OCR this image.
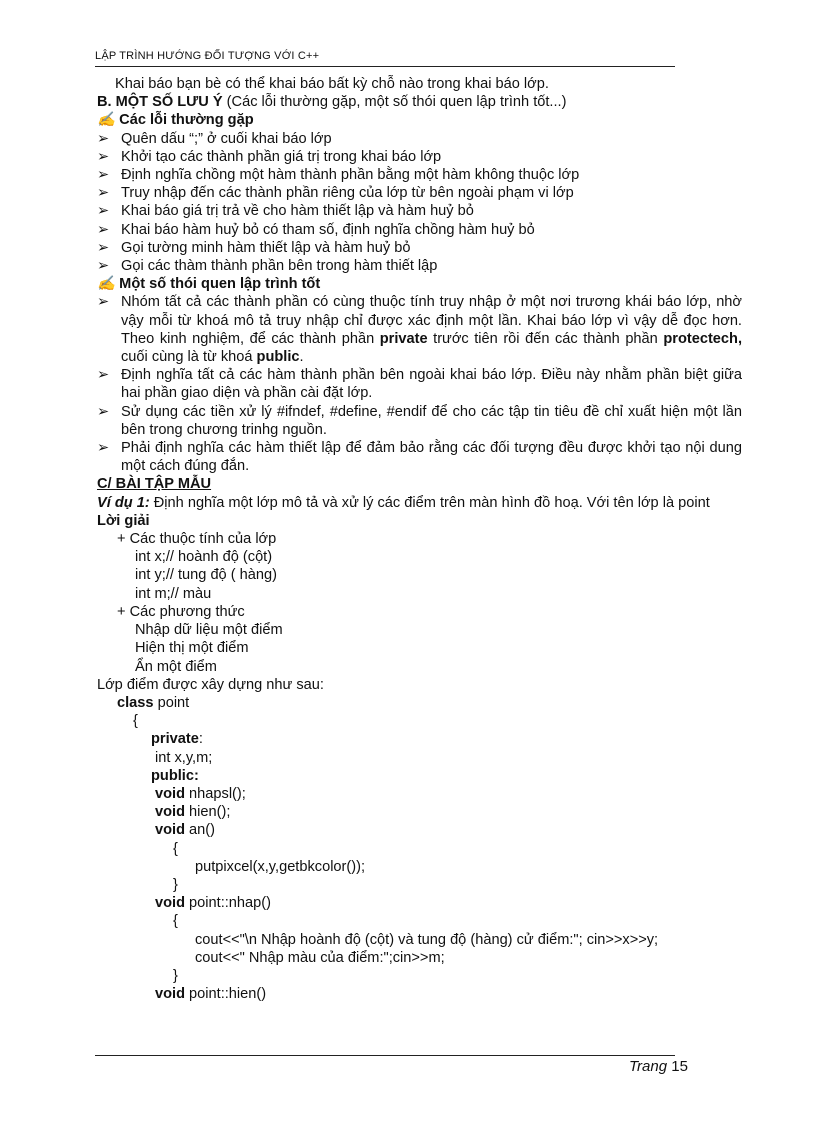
LẬP TRÌNH HƯỚNG ĐỐI TƯỢNG VỚI C++

Khai báo bạn bè có thể khai báo bất kỳ chỗ nào trong khai báo lớp.

B. MỘT SỐ LƯU Ý (Các lỗi thường gặp, một số thói quen lập trình tốt...)

✍ Các lỗi thường gặp

➢ Quên dấu “;” ở cuối khai báo lớp

➢ Khởi tạo các thành phần giá trị trong khai báo lớp

➢ Định nghĩa chồng một hàm thành phần bằng một hàm không thuộc lớp

➢ Truy nhập đến các thành phần riêng của lớp từ bên ngoài phạm vi lớp

➢ Khai báo giá trị trả về cho hàm thiết lập và hàm huỷ bỏ

➢ Khai báo hàm huỷ bỏ có tham số, định nghĩa chồng hàm huỷ bỏ

➢ Gọi tường minh hàm thiết lập và hàm huỷ bỏ

➢ Gọi các thàm thành phần bên trong hàm thiết lập

✍ Một số thói quen lập trình tốt

➢ Nhóm tất cả các thành phần có cùng thuộc tính truy nhập ở một nơi trương khái báo lớp, nhờ vậy mỗi từ khoá mô tả truy nhập chỉ được xác định một lần. Khai báo lớp vì vậy dễ đọc hơn. Theo kinh nghiệm, để các thành phần private trước tiên rồi đến các thành phần protectech, cuối cùng là từ khoá public.

➢ Định nghĩa tất cả các hàm thành phần bên ngoài khai báo lớp. Điều này nhằm phần biệt giữa hai phần giao diện và phần cài đặt lớp.

➢ Sử dụng các tiền xử lý #ifndef, #define, #endif để cho các tập tin tiêu đề chỉ xuất hiện một lần bên trong chương trinhg nguồn.

➢ Phải định nghĩa các hàm thiết lập để đảm bảo rằng các đối tượng đều được khởi tạo nội dung một cách đúng đắn.

C/ BÀI TẬP MẪU

Ví dụ 1: Định nghĩa một lớp mô tả và xử lý các điểm trên màn hình đồ hoạ. Với tên lớp là point

Lời giải

+ Các thuộc tính của lớp

int x;// hoành độ (cột)

int y;// tung độ ( hàng)

int m;// màu

+ Các phương thức

Nhập dữ liệu một điểm

Hiện thị một điểm

Ẩn một điểm

Lớp điểm được xây dựng như sau:

class point

{

private:

int x,y,m;

public:

void nhapsl();

void hien();

void an()

{

putpixcel(x,y,getbkcolor());

}

void point::nhap()

{

cout<<"\n Nhập hoành độ (cột) và tung độ (hàng) cử điểm:"; cin>>x>>y;

cout<<" Nhập màu của điểm:";cin>>m;

}

void point::hien()

Trang 15
